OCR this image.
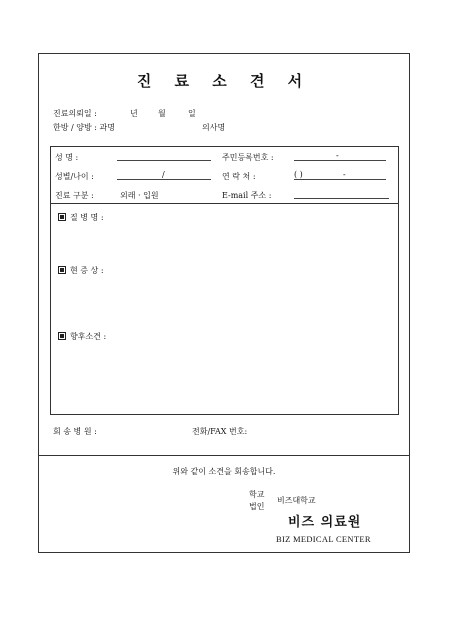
진 료 소 견 서
진료의뢰일 :	년	월	일
한방 / 양방 : 과명	의사명
성 명 :	주민등록번호 :	-
성별/나이 :	/	연 락 처 :	( )	-
진료 구분 :	외래 · 입원	E-mail 주소 :
질 병 명 :
현 증 상 :
향후소견 :
회 송 병 원 :	전화/FAX 번호:
위와 같이 소견을 회송합니다.
학교
법인
비즈대학교
비즈 의료원
BIZ MEDICAL CENTER
